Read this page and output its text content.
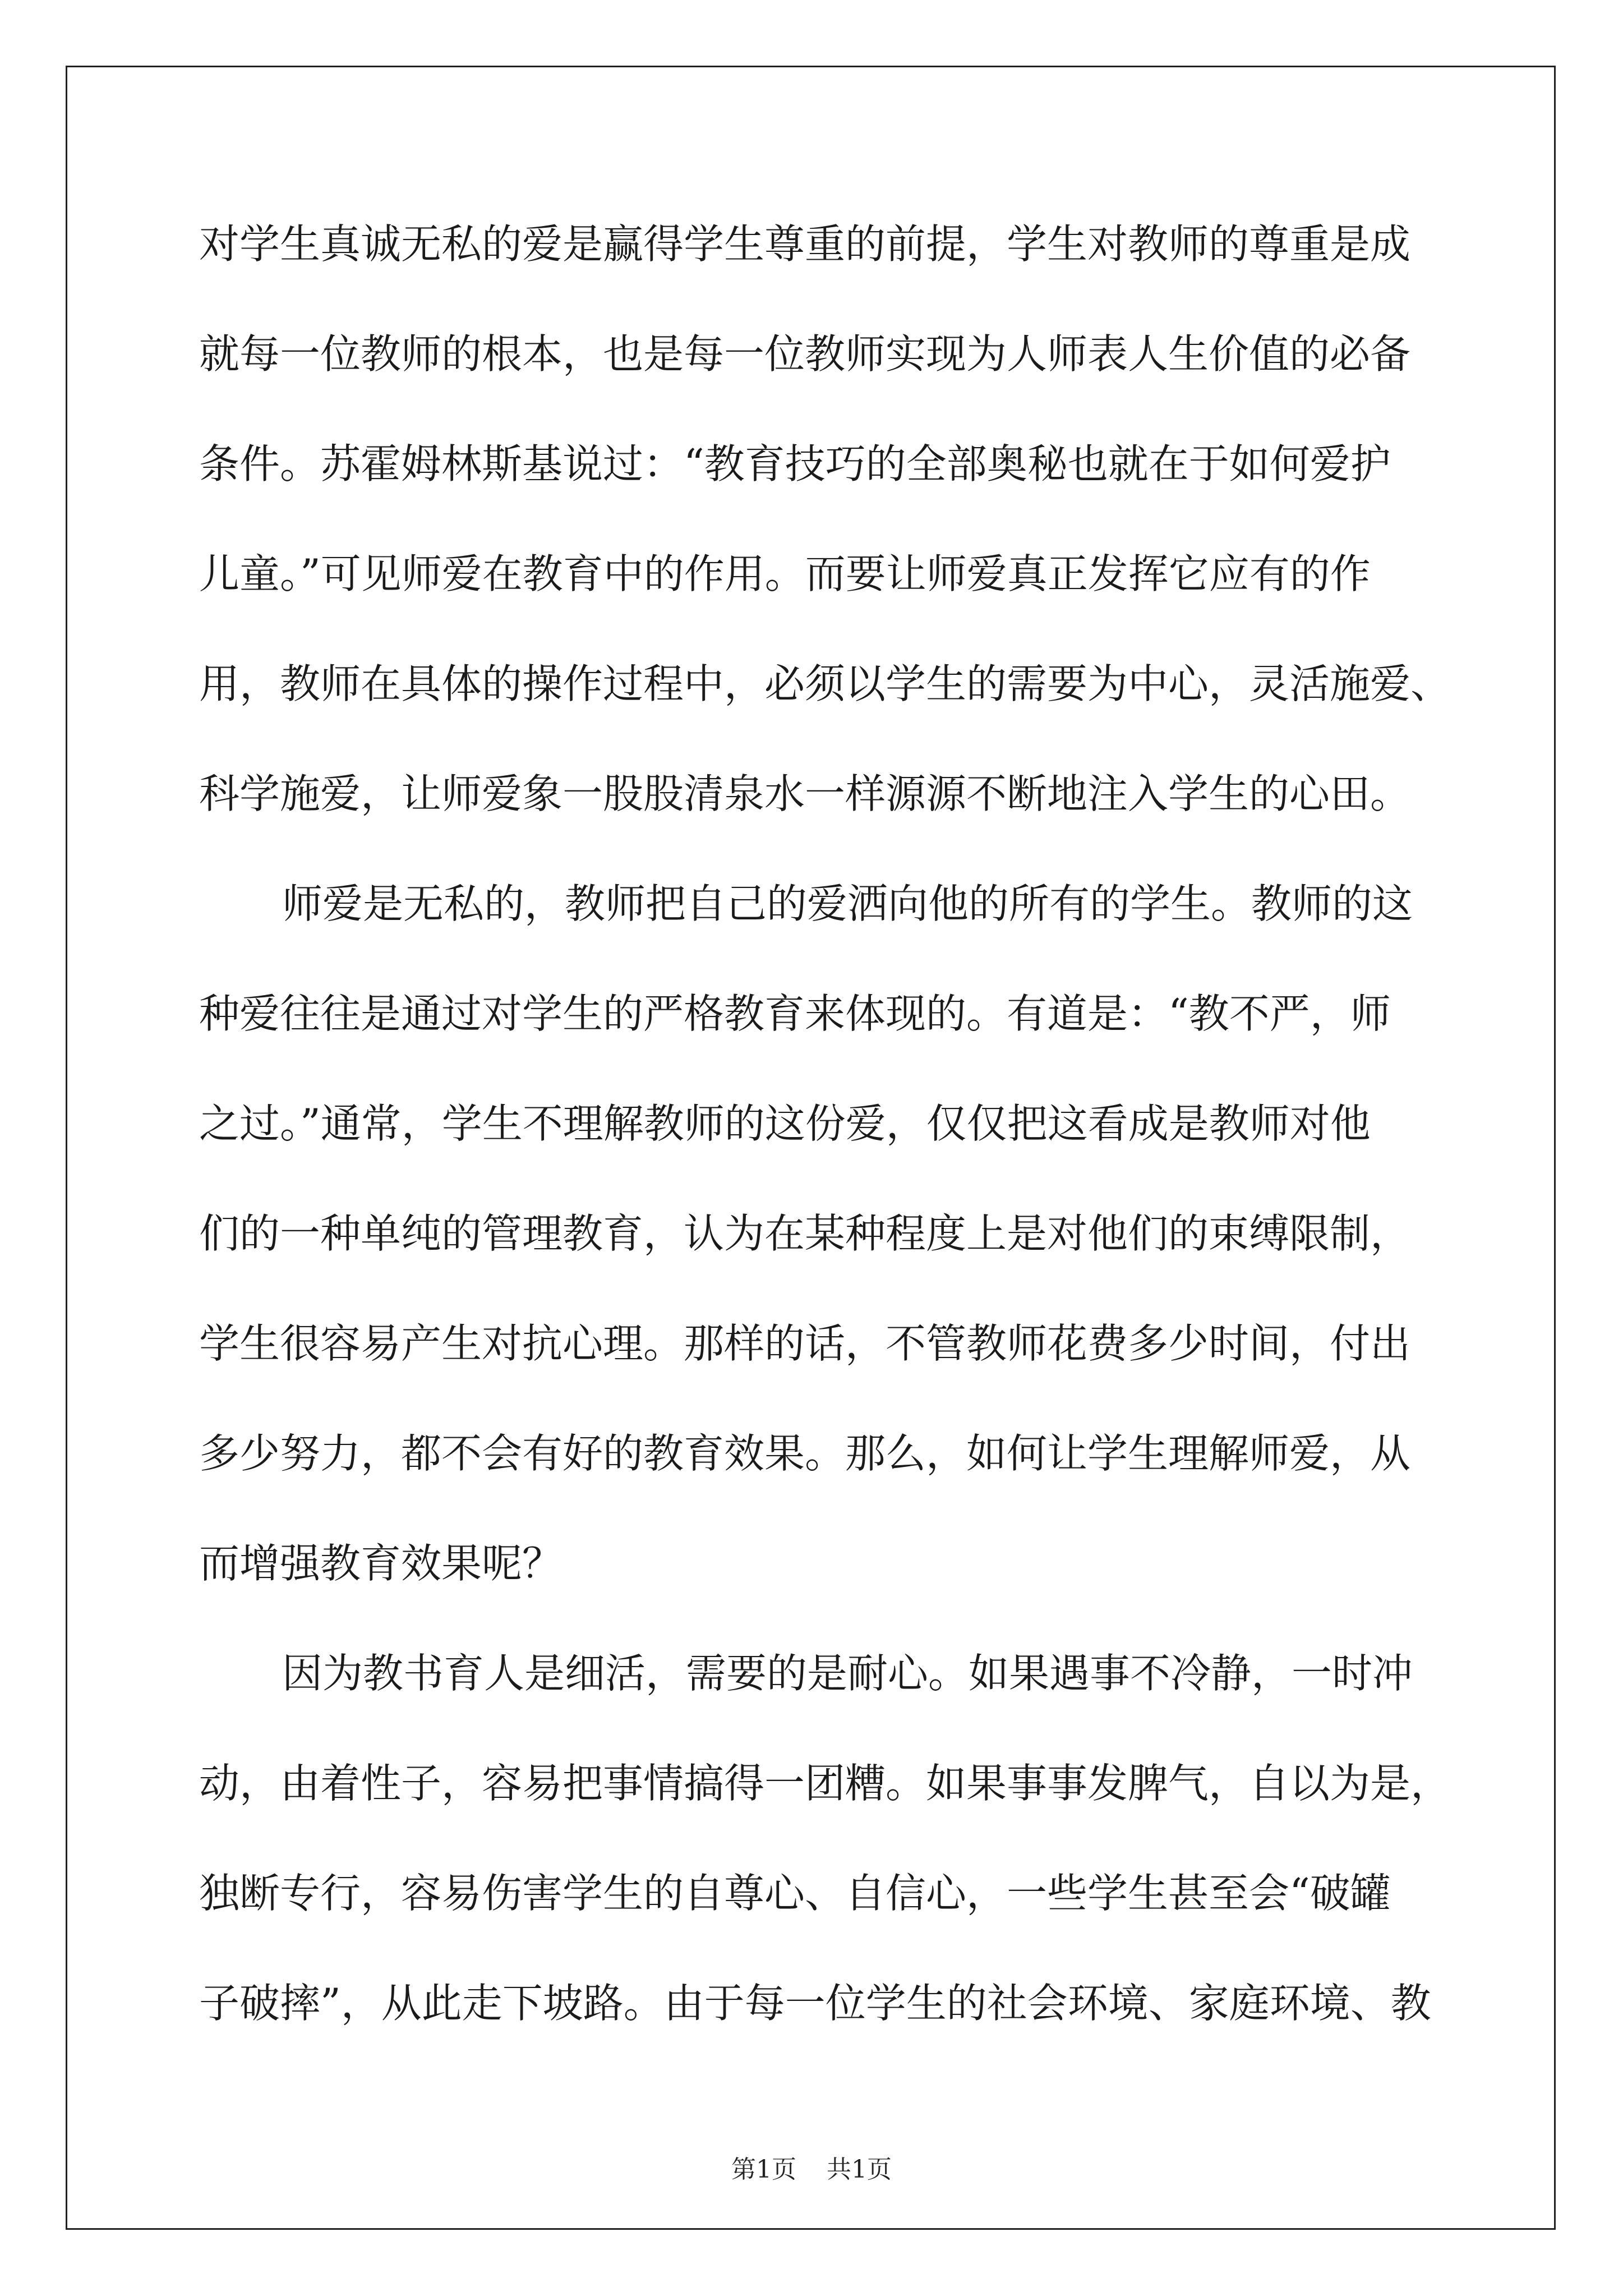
对学生真诚无私的爱是赢得学生尊重的前提，学生对教师的尊重是成
就每一位教师的根本，也是每一位教师实现为人师表人生价值的必备
条件。苏霍姆林斯基说过：“教育技巧的全部奥秘也就在于如何爱护
儿童。”可见师爱在教育中的作用。而要让师爱真正发挥它应有的作
用，教师在具体的操作过程中，必须以学生的需要为中心，灵活施爱、
科学施爱，让师爱象一股股清泉水一样源源不断地注入学生的心田。
师爱是无私的，教师把自己的爱洒向他的所有的学生。教师的这
种爱往往是通过对学生的严格教育来体现的。有道是：“教不严，师
之过。”通常，学生不理解教师的这份爱，仅仅把这看成是教师对他
们的一种单纯的管理教育，认为在某种程度上是对他们的束缚限制，
学生很容易产生对抗心理。那样的话，不管教师花费多少时间，付出
多少努力，都不会有好的教育效果。那么，如何让学生理解师爱，从
而增强教育效果呢？
因为教书育人是细活，需要的是耐心。如果遇事不冷静，一时冲
动，由着性子，容易把事情搞得一团糟。如果事事发脾气，自以为是，
独断专行，容易伤害学生的自尊心、自信心，一些学生甚至会“破罐
子破摔”，从此走下坡路。由于每一位学生的社会环境、家庭环境、教
第1页 共1页
